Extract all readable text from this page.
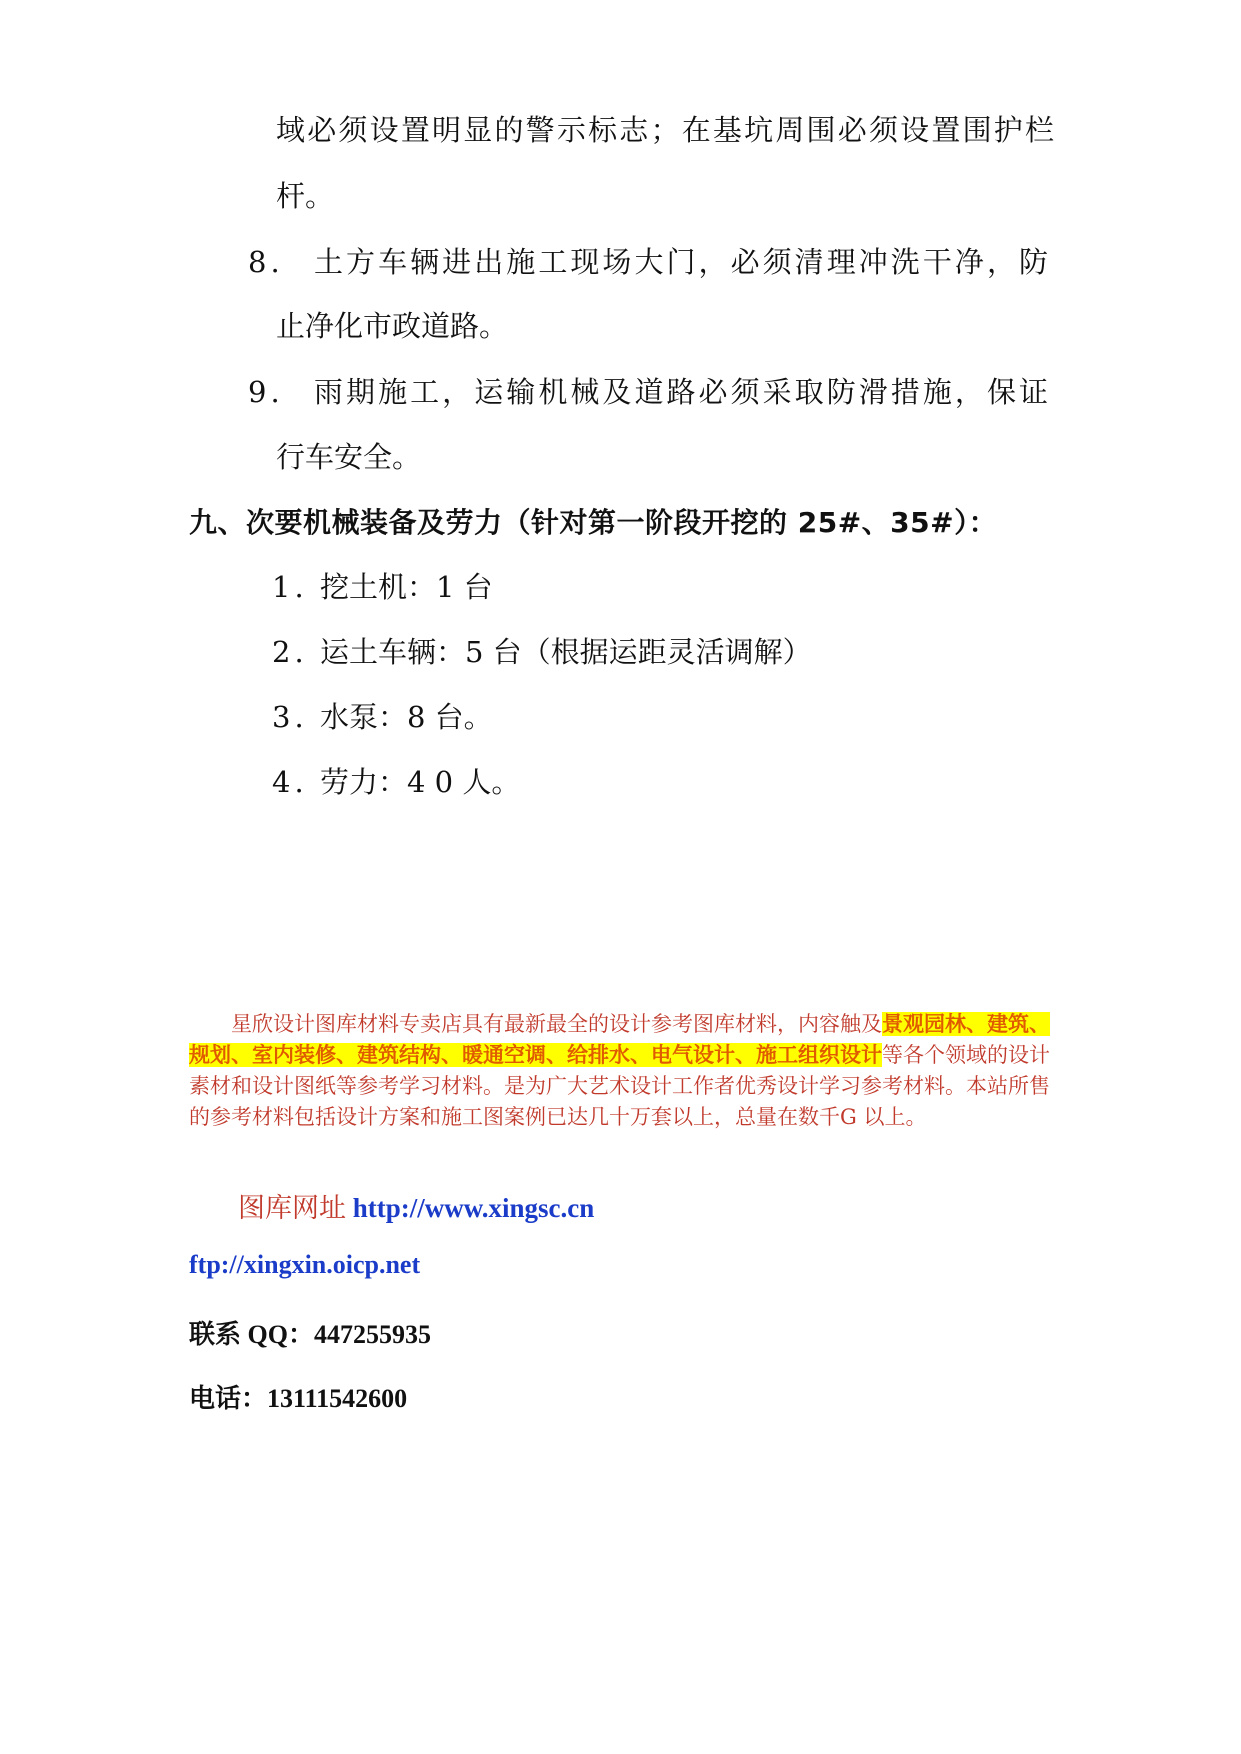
域必须设置明显的警示标志；在基坑周围必须设置围护栏
杆。
8. 土方车辆进出施工现场大门，必须清理冲洗干净，防
止净化市政道路。
9. 雨期施工，运输机械及道路必须采取防滑措施，保证
行车安全。
九、次要机械装备及劳力（针对第一阶段开挖的 25#、35#）：
1. 挖土机：1 台
2. 运土车辆：5 台（根据运距灵活调解）
3. 水泵：8 台。
4. 劳力：4 0 人。
星欣设计图库材料专卖店具有最新最全的设计参考图库材料，内容触及景观园林、建筑、规划、室内装修、建筑结构、暖通空调、给排水、电气设计、施工组织设计等各个领域的设计素材和设计图纸等参考学习材料。是为广大艺术设计工作者优秀设计学习参考材料。本站所售的参考材料包括设计方案和施工图案例已达几十万套以上，总量在数千G 以上。
图库网址 http://www.xingsc.cn
ftp://xingxin.oicp.net
联系 QQ：447255935
电话：13111542600
